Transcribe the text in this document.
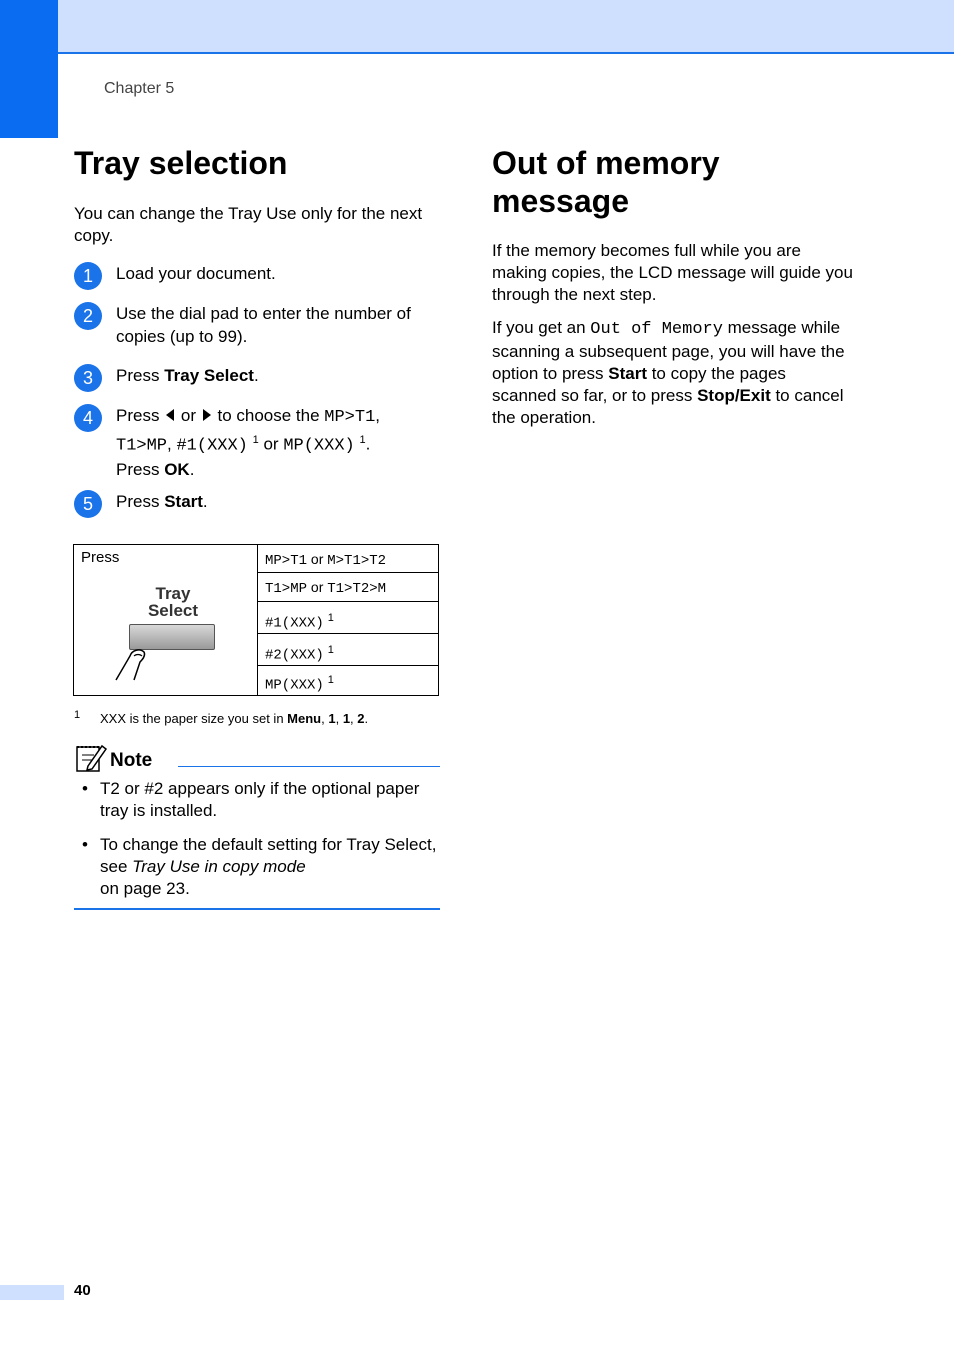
Chapter 5
Tray selection

You can change the Tray Use only for the next copy.

1	Load your document.
2	Use the dial pad to enter the number of copies (up to 99).
3	Press Tray Select.
4	Press  or  to choose the MP>T1,
T1>MP, #1(XXX) $^1$ or MP(XXX) $^1$.
Press OK.
5	Press Start.
Press
Tray
Select
MP>T1 or M>T1>T2
T1>MP or T1>T2>M
#1(XXX) $^1$
#2(XXX) $^1$
MP(XXX) $^1$
1 XXX is the paper size you set in Menu, 1, 1, 2.
Note
• T2 or #2 appears only if the optional paper tray is installed.
• To change the default setting for Tray Select, see Tray Use in copy mode
on page 23.
Out of memory
message

If the memory becomes full while you are making copies, the LCD message will guide you through the next step.

If you get an Out of Memory message while scanning a subsequent page, you will have the option to press Start to copy the pages scanned so far, or to press Stop/Exit to cancel the operation.

40
